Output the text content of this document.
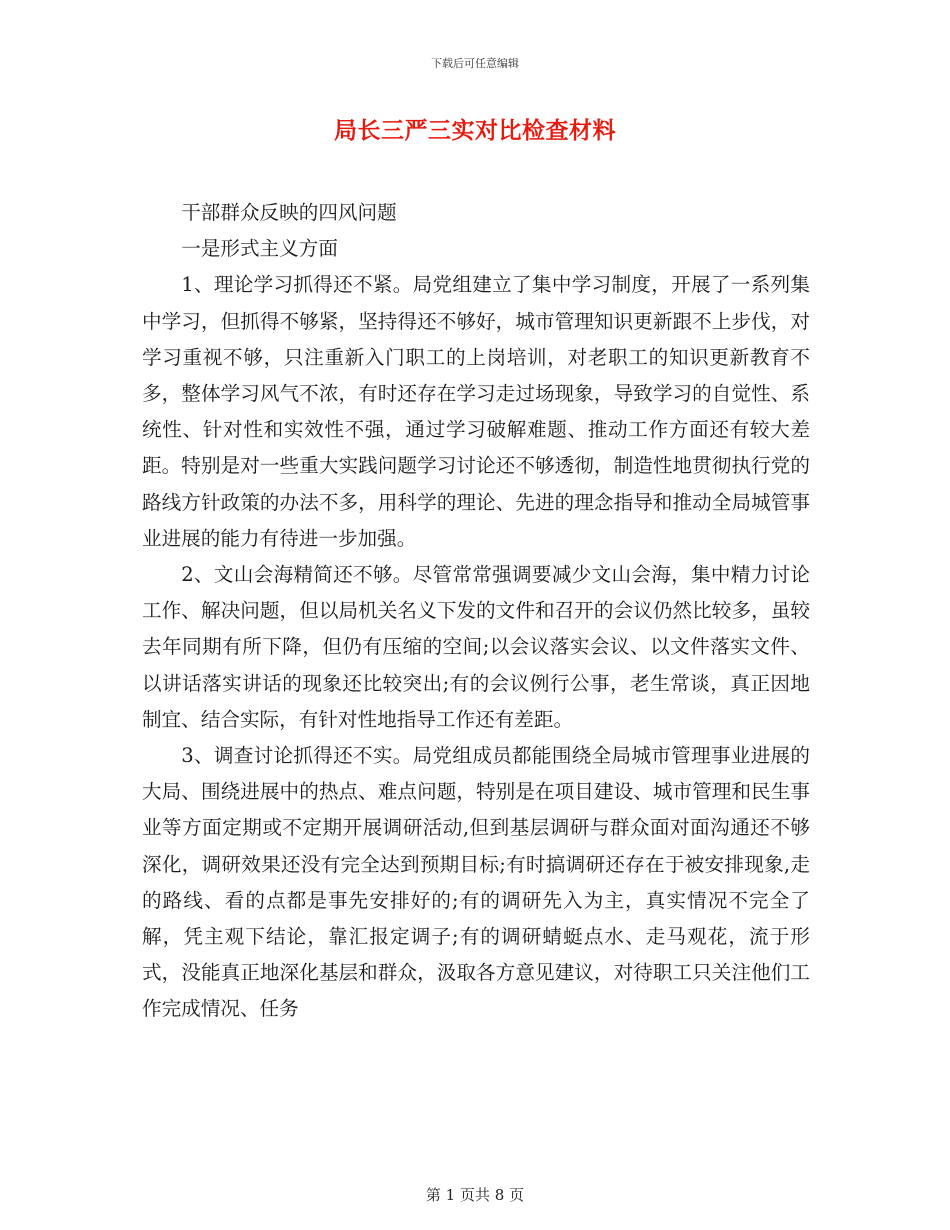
下载后可任意编辑
局长三严三实对比检查材料

干部群众反映的四风问题

一是形式主义方面

1、理论学习抓得还不紧。局党组建立了集中学习制度，开展了一系列集中学习，但抓得不够紧，坚持得还不够好，城市管理知识更新跟不上步伐，对学习重视不够，只注重新入门职工的上岗培训，对老职工的知识更新教育不多，整体学习风气不浓，有时还存在学习走过场现象，导致学习的自觉性、系统性、针对性和实效性不强，通过学习破解难题、推动工作方面还有较大差距。特别是对一些重大实践问题学习讨论还不够透彻，制造性地贯彻执行党的路线方针政策的办法不多，用科学的理论、先进的理念指导和推动全局城管事业进展的能力有待进一步加强。

2、文山会海精简还不够。尽管常常强调要减少文山会海，集中精力讨论工作、解决问题，但以局机关名义下发的文件和召开的会议仍然比较多，虽较去年同期有所下降，但仍有压缩的空间;以会议落实会议、以文件落实文件、以讲话落实讲话的现象还比较突出;有的会议例行公事，老生常谈，真正因地制宜、结合实际，有针对性地指导工作还有差距。

3、调查讨论抓得还不实。局党组成员都能围绕全局城市管理事业进展的大局、围绕进展中的热点、难点问题，特别是在项目建设、城市管理和民生事业等方面定期或不定期开展调研活动,但到基层调研与群众面对面沟通还不够深化，调研效果还没有完全达到预期目标;有时搞调研还存在于被安排现象,走的路线、看的点都是事先安排好的;有的调研先入为主，真实情况不完全了解，凭主观下结论，靠汇报定调子;有的调研蜻蜓点水、走马观花，流于形式，没能真正地深化基层和群众，汲取各方意见建议，对待职工只关注他们工作完成情况、任务

第 1 页共 8 页
